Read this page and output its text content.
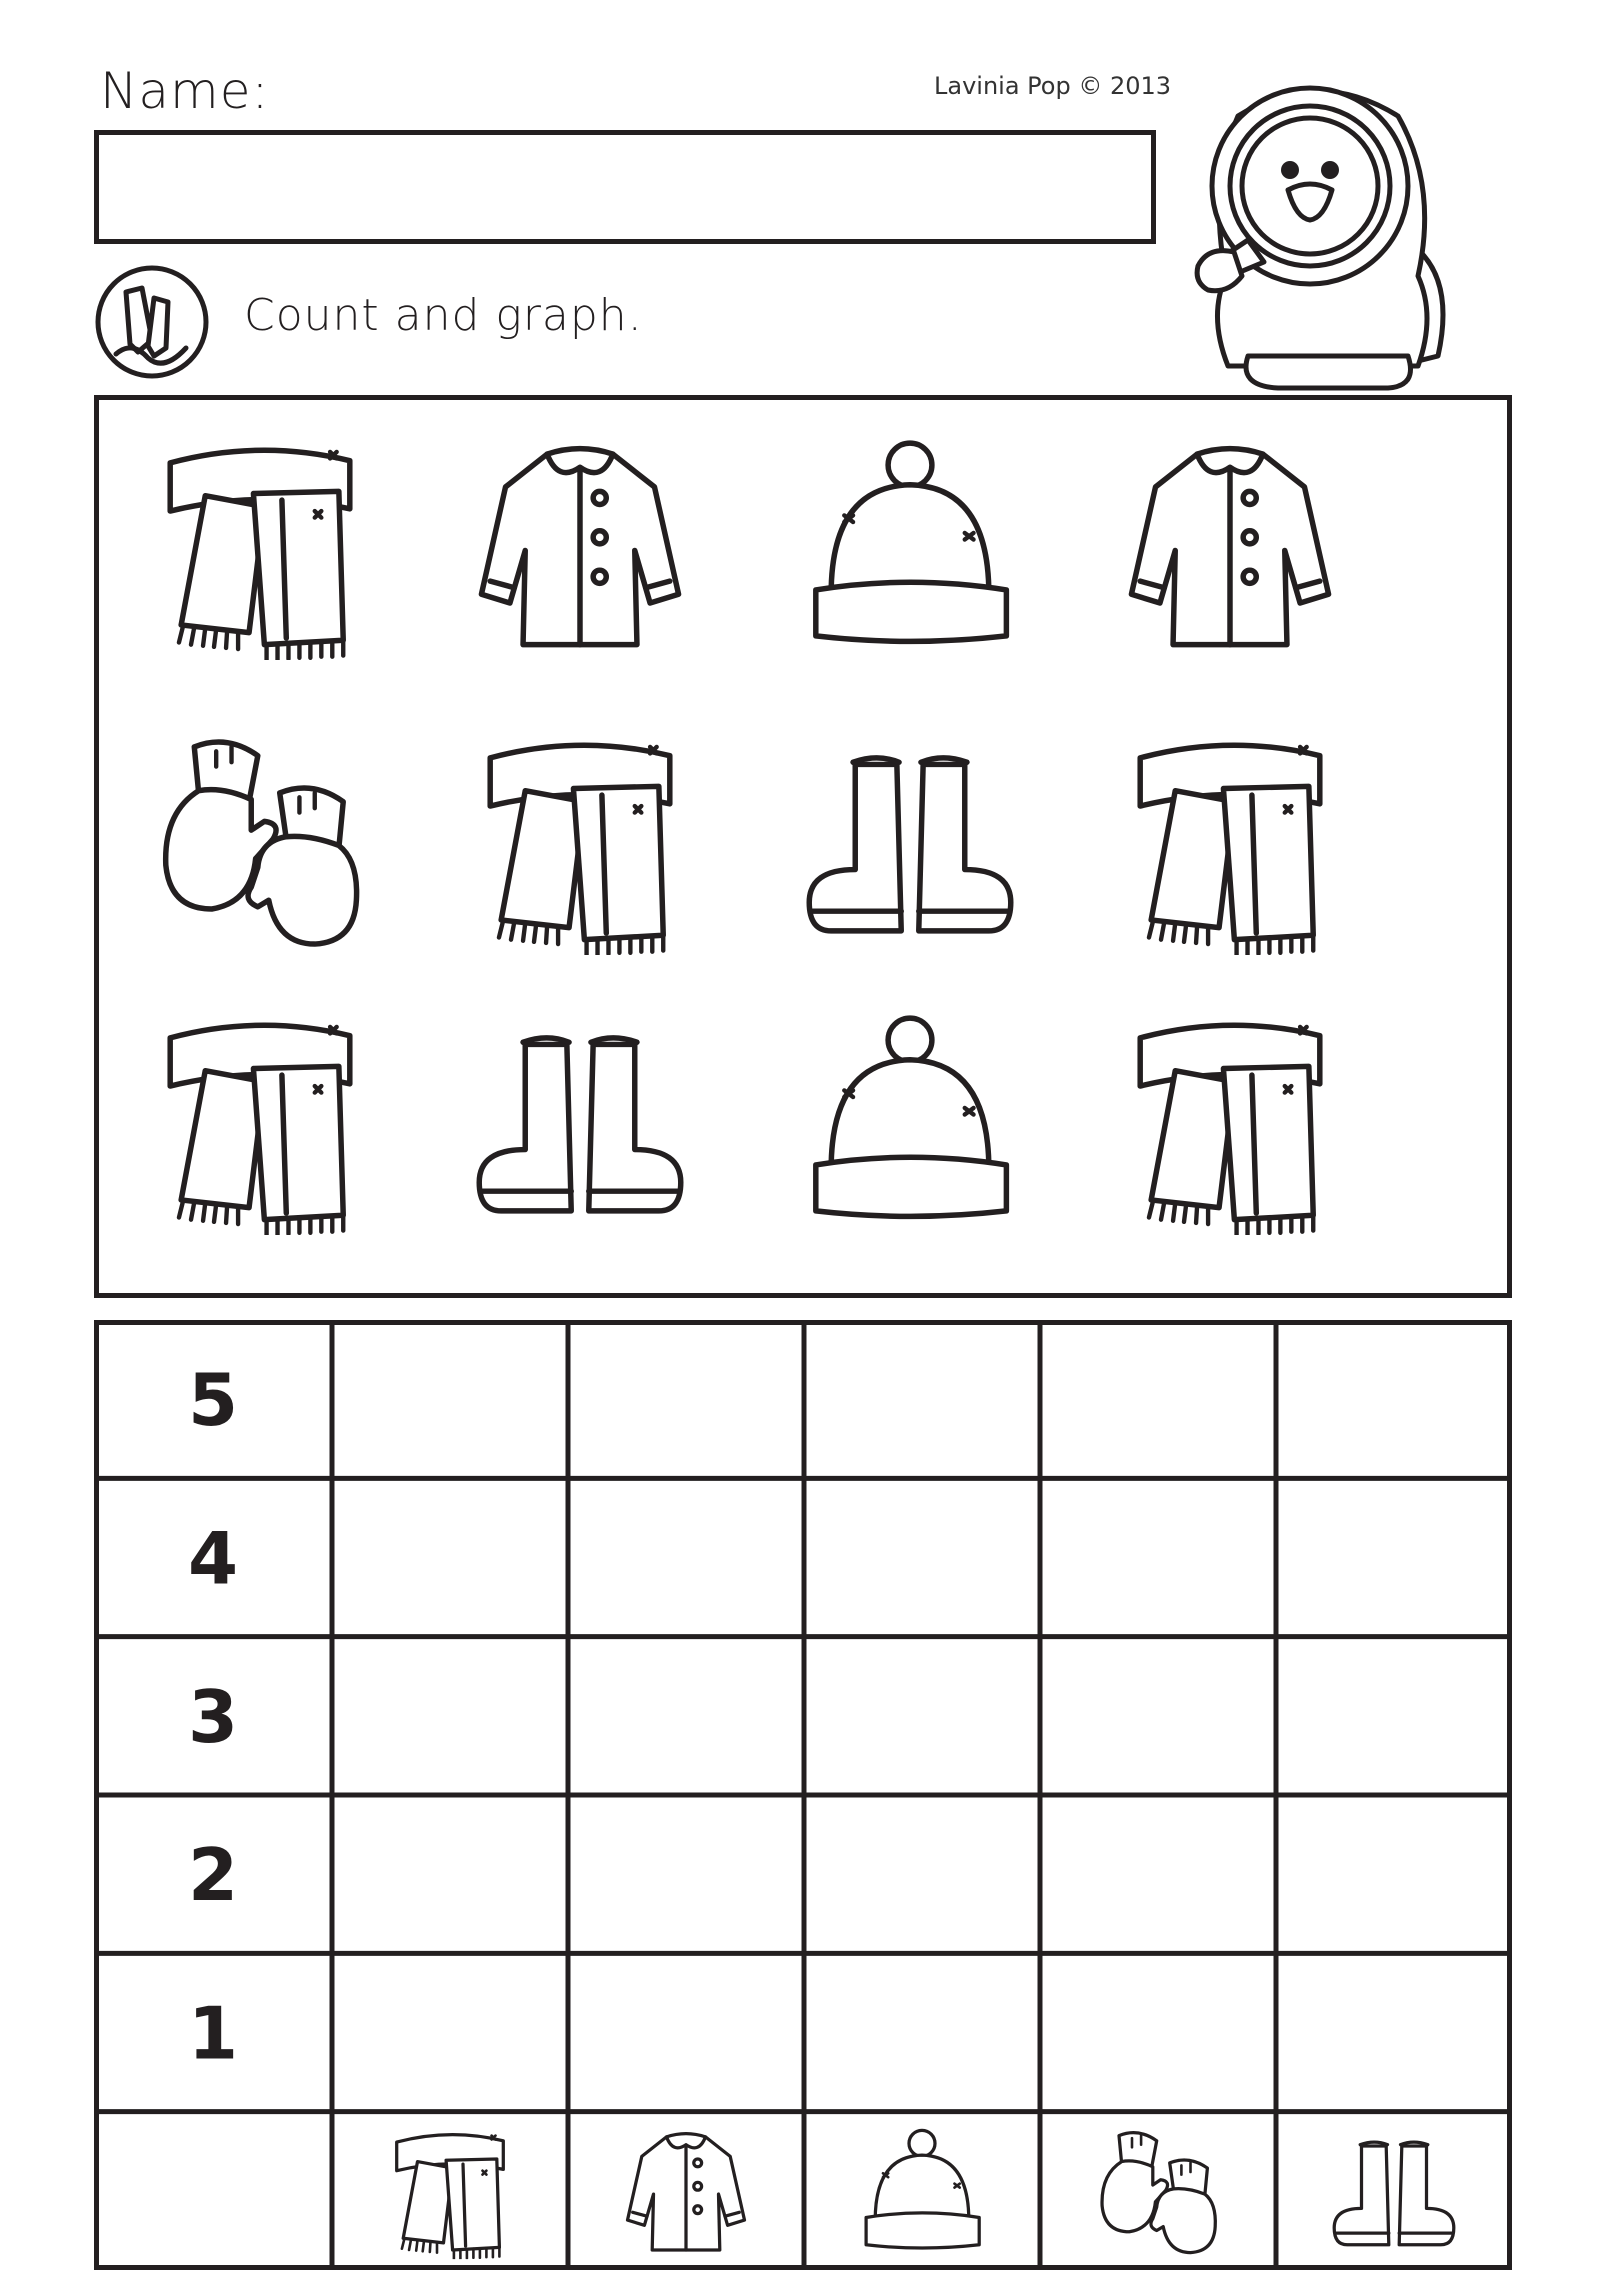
Name:	Lavinia Pop © 2013
Count and graph.
5
4
3
2
1
